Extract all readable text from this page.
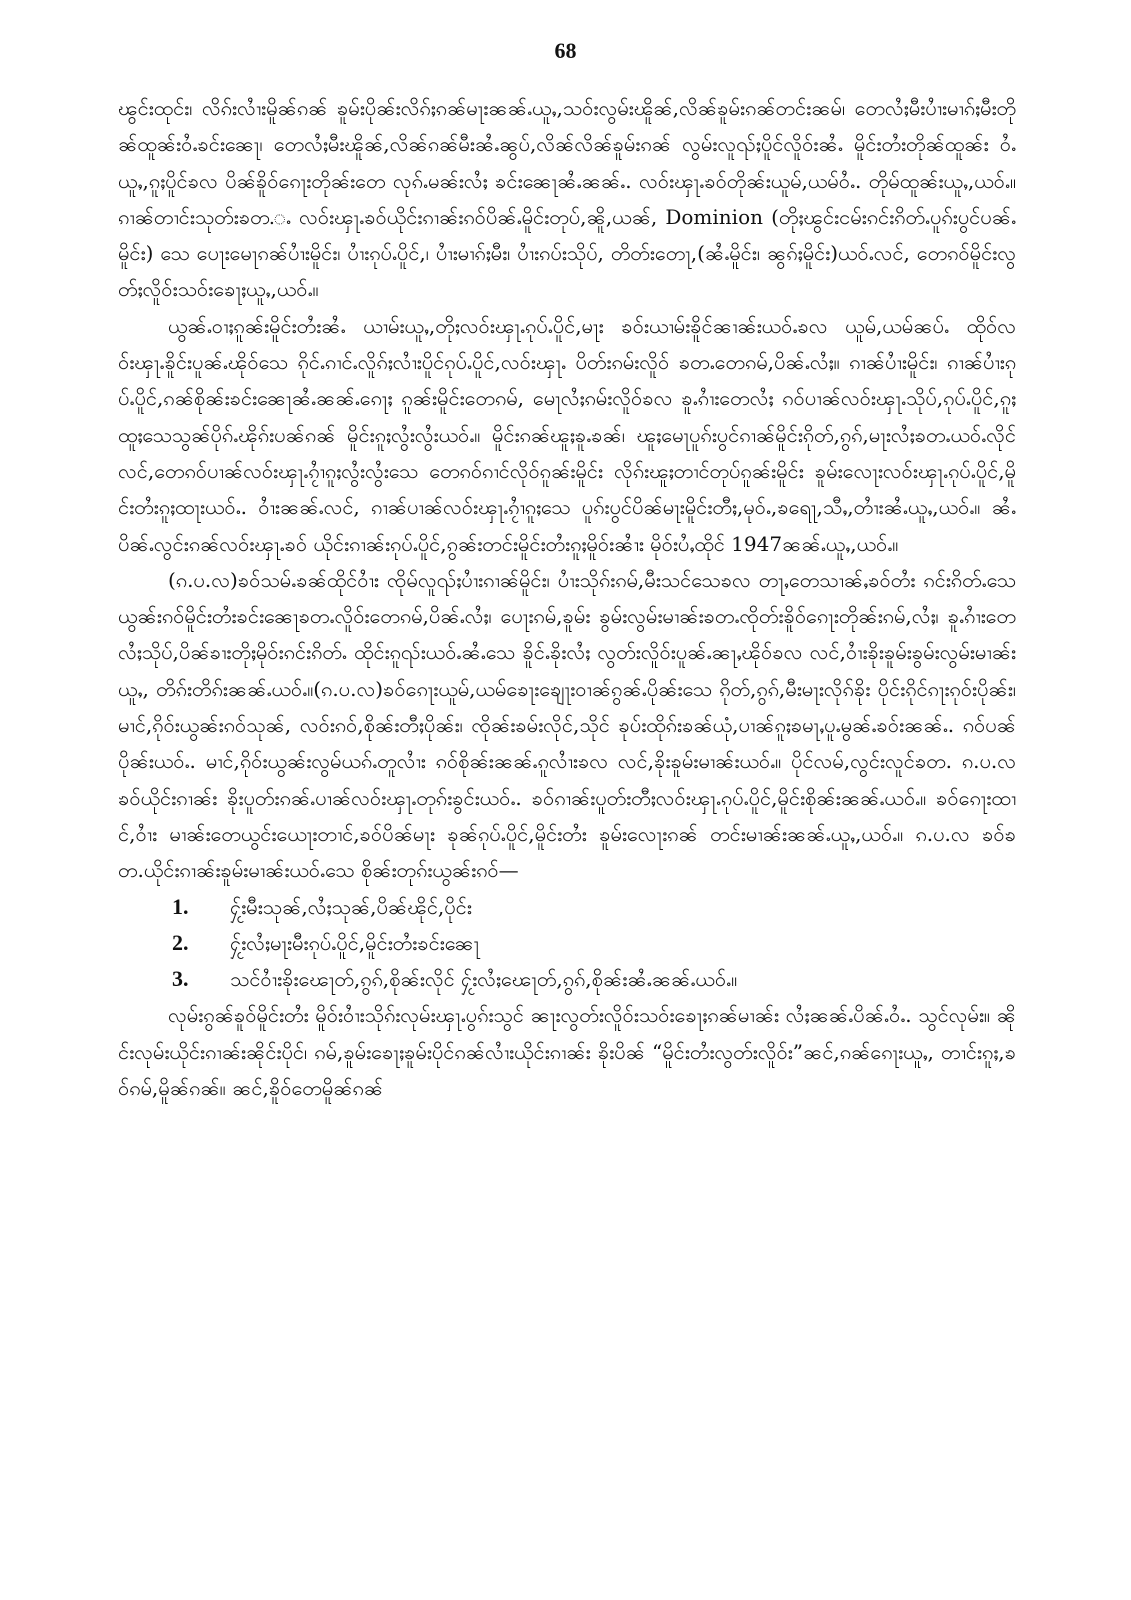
68

ၽွင်းထုင်း၊ လိၵ်းလၢႆးမိူၼ်ၵၼ် ၶူမ်းပိုၼ်းလိၵ်ႈၵၼ်မႃးၼၼ်ႉယူႇ,သဝ်းလွမ်းၽိူၼ်,လိၼ်ၶူမ်းၵၼ်တင်းၼမ်၊ တေလႆႈမီးပၢႆးမၢၵ်ႈမီးတိုၼ်ထူၼ်းဝႆႉၶင်းၼေႃ၊ တေလႆႈမီးၽိူၼ်,လိၼ်ၵၼ်မီးၼႆႉၼွပ်,လိၼ်လိၼ်ၶူမ်းၵၼ် လွမ်းလူၺ်ႈပိူင်လိူဝ်းၼႆႉ မိူင်းတႆးတိုၼ်ထူၼ်း ဝႆႉယူႇ,ၵူႈပိူင်ၶလ ပိၼ်ၶိူဝ်ၵေႃးတိုၼ်းတေ လုၵ်ႉမၼ်းလႆႈ ၶင်းၼေႃၼႆႉၼၼ်ႉ. လဝ်းၾႃႉၶဝ်တိုၼ်းယူမ်,ယမ်ဝႆႉ. တိုမ်ထူၼ်းယူႇ,ယဝ်ႉ။ ၵၢၼ်တၢင်းသုတ်းၶတ.ႉ လဝ်းၾႃႉၶဝ်ယိုင်းၵၢၼ်းၵဝ်ပိၼ်ႉမိူင်းတုပ်,ၼိူ,ယၼ်, Dominion (တိုႈၽွင်းငမ်းၵင်းၵိတ်ႉပူၵ်းပွင်ပၼ်ႉမိူင်း) သေ ပေႃးမေႃၵၼ်ပၢႆးမိူင်း၊ ပၢႆးၵုပ်ႉပိူင်,၊ ပၢႆးမၢၵ်ႈမီး၊ ပၢႆးၵပ်းသိုပ်, တိတ်းတေႃ,(ၼႆႉမိူင်း၊ ၼွၵ်ႈမိူင်း)ယဝ်ႉလင်, တေၵဝ်မိူင်းလွတ်ႈလိူဝ်းသဝ်းၶေႃႈယူႇ,ယဝ်ႉ။

ယွၼ်ႉဝၢႈၵူၼ်းမိူင်းတႆးၼႆႉ ယၢမ်းယူႇ,တိုႈလဝ်းၾႃႉၵုပ်ႉပိူင်,မႃး ၶဝ်းယၢမ်းၶိူင်ၼၢၼ်းယဝ်ႉၶလ ယူမ်,ယမ်ၼပ်ႉ ထိုဝ်လဝ်းၾႃႉၶိူင်းပူၼ်ႉၽိုဝ်သေ ၵိုင်ႉၵၢင်ႉလိူၵ်ႈလၢႆးပိူင်ၵုပ်ႉပိူင်,လဝ်းၾႃႉ ပိတ်းၵမ်းလိူဝ် ၶတႉတေၵမ်,ပိၼ်ႉလႆႈ။ ၵၢၼ်ပၢႆးမိူင်း၊ ၵၢၼ်ပၢႆးၵုပ်ႉပိူင်,ၵၼ်စိုၼ်းၶင်းၼေႃၼႆႉၼၼ်ႉၵေႃႈ ၵူၼ်းမိူင်းတေၵမ်, မေႃလႆႈၵမ်းလိူဝ်ၶလ ၶူႉၵၢႆးတေလႆႈ ၵဝ်ပၢၼ်လဝ်းၾႃႉသိုပ်,ၵုပ်ႉပိူင်,ၵူႈထူႈသေသွၼ်ပိုၵ်ႉၽိုၵ်းပၼ်ၵၼ် မိူင်းၵူႈလွႆးလွႆးယဝ်ႉ။ မိူင်းၵၼ်ၽူႈၶူႉၶၼ်၊ ၽူႈမေႃပူၵ်းပွင်ၵၢၼ်မိူင်းၵိုတ်,ၵွၵ်,မႃးလႆႈၶတႉယဝ်ႉလိုင်လင်,တေၵဝ်ပၢၼ်လဝ်းၾႃႉၵႂၢႆၵူႈလွႆးလွႆးသေ တေၵဝ်ၵၢင်လိုဝ်ၵူၼ်းမိူင်း လိုၵ်းၽူႈတၢင်တုပ်ၵူၼ်းမိူင်း ၶူမ်းလေႃးလဝ်းၾႃႉၵုပ်ႉပိူင်,မိူင်းတႆးၵူႈထႃးယဝ်ႉ. ဝၢႆးၼၼ်ႉလင်, ၵၢၼ်ပၢၼ်လဝ်းၾႃႉၵႂၢႆၵူႈသေ ပူၵ်းပွင်ပိၼ်မႃးမိူင်းတီႈ,မုဝ်ႉ,ၶရေႃ,သီႇ,တၢႆးၼႆႉယူႇ,ယဝ်ႉ။ ၼႆႉပိၼ်ႉလွင်းၵၼ်လဝ်းၾႃႉၶဝ် ယိုင်းၵၢၼ်းၵုပ်ႉပိူင်,ၵွၼ်းတင်းမိူင်းတႆးၵူႈမိူဝ်းၼၢႆး မိုဝ်းပႆႇထိုင် 1947ၼၼ်ႉယူႇ,ယဝ်ႉ။

(ၵ.ပ.လ)ၶဝ်သမ်ႉၶၼ်ထိုင်ဝၢႆး ၸိုမ်လူၺ်ႈပၢႆးၵၢၼ်မိူင်း၊ ပၢႆးသိုၵ်းၵမ်,မီးသင်သေၶလ တႃႇတေသၢၼ်ႇၶဝ်တႆး ၵင်းၵိတ်ႉသေ ယွၼ်းၵဝ်မိူင်းတႆးၶင်းၼေႃၶတႉလိူဝ်းတေၵမ်,ပိၼ်ႉလႆႈ၊ ပေႃးၵမ်,ၶူမ်း ၶွမ်းလွမ်းမၢၼ်းၶတႉၸိုတ်းၶိူဝ်ၵေႃးတိုၼ်းၵမ်,လႆႈ၊ ၶူႉၵၢႆးတေလႆႈသိုပ်,ပိၼ်ၶၢးတိုႈမိုဝ်းၵင်းၵိတ်ႉ ထိုင်းၵူၺ်းယဝ်ႉၼႆႉသေ ၶိူင်ႉၶိုးလႆႈ လွတ်းလိူဝ်းပူၼ်ႉၼႃႇၽိုဝ်ၶလ လင်,ဝၢႆးၶိုးၶူမ်းၶွမ်းလွမ်းမၢၼ်းယူႇ, တိၵ်းတိၵ်းၼၼ်ႉယဝ်ႉ။(ၵ.ပ.လ)ၶဝ်ၵေႃးယူမ်,ယမ်ၶေႃးၶျေႃးဝၢၼ်ၵွၼ်ႉပိုၼ်းသေ ၵိုတ်,ၵွၵ်,မီးမႃးလိုၵ်ၶိုး ပိုင်းၵိုင်ၵႃးၵုဝ်းပိုၼ်း၊ မၢင်,ၵိုဝ်းယွၼ်းၵဝ်သုၼ်, လဝ်းၵဝ်,စိုၼ်းတီႈပိုၼ်း၊ ၸိုၼ်းၶမ်းလိုင်,သိုင် ၶုပ်းထိုၵ်းၶၼ်ယုံ,ပၢၼ်ၵူႈၶမႃႇပူႉမွၼ်ႉၶဝ်းၼၼ်ႉ. ၵဝ်ပၼ်ပိုၼ်းယဝ်ႉ. မၢင်,ၵိုဝ်းယွၼ်းလွမ်ယၵ်ႉတူလၢႆး ၵဝ်စိုၼ်းၼၼ်ႉၵူလၢႆးၶလ လင်,ၶိုးၶူမ်းမၢၼ်းယဝ်ႉ။ ပိုင်လမ်,လွင်းလူင်ၶတ. ၵ.ပ.လ ၶဝ်ယိုင်းၵၢၼ်း ၶိုးပူတ်းၵၼ်ႉပၢၼ်လဝ်းၾႃႉတုၵ်းၶွင်းယဝ်ႉ. ၶဝ်ၵၢၼ်းပူတ်းတီႈလဝ်းၾႃႉၵုပ်ႉပိူင်,မိူင်းစိုၼ်းၼၼ်ႉယဝ်ႉ။ ၶဝ်ၵေႃးထၢင်,ဝၢႆး မၢၼ်းတေယွင်းယေႃးတၢင်,ၶဝ်ပိၼ်မႃး ၶုၼ်ၵုပ်ႉပိူင်,မိူင်းတႆး ၶူမ်းလေႃးၵၼ် တင်းမၢၼ်းၼၼ်ႉယူႇ,ယဝ်ႉ။ ၵ.ပ.လ ၶဝ်ၶတ.ယိုင်းၵၢၼ်းၶူမ်းမၢၼ်းယဝ်ႉသေ စိုၼ်းတုၵ်းယွၼ်းၵဝ်—

1.	ႁႂ်းမီးသုၼ်,လႆႈသုၼ်,ပိၼ်ၽိုင်,ပိုင်း
2.	ႁႂ်းလႆႈမႃးမီးၵုပ်ႉပိူင်,မိူင်းတႆးၶင်းၼေႃ
3.	သင်ဝၢႆးၶိုးၽေႃတ်,ၵွၵ်,စိုၼ်းလိုင် ႁႂ်းလႆႈၽေႃတ်,ၵွၵ်,စိုၼ်းၼႆႉၼၼ်ႉယဝ်ႉ။

လုမ်းၵွၼ်ၶူဝ်မိူင်းတႆး မိူဝ်းဝၢႆးသိုၵ်းလုမ်းၾႃႉပွၵ်းသွင် ၼႃးလွတ်းလိူဝ်းသဝ်းၶေႃႈၵၼ်မၢၼ်း လႆႈၼၼ်ႉပိၼ်ႉဝႆႉ. သွင်လုမ်း။ ၼိုင်းလုမ်းယိုင်းၵၢၼ်းၼိုင်းပိုင်၊ ၵမ်,ၶူမ်းၶေႃႈၶူမ်းပိုင်ၵၼ်လၢႆးယိုင်းၵၢၼ်း ၶိုးပိၼ် “မိူင်းတႆးလွတ်းလိူဝ်း”ၼင်,ၵၼ်ၵေႃးယူႇ, တၢင်းၵူႈ,ၶဝ်ၵမ်,မိူၼ်ၵၼ်။ ၼင်,ၶိူဝ်တေမိူၼ်ၵၼ်
